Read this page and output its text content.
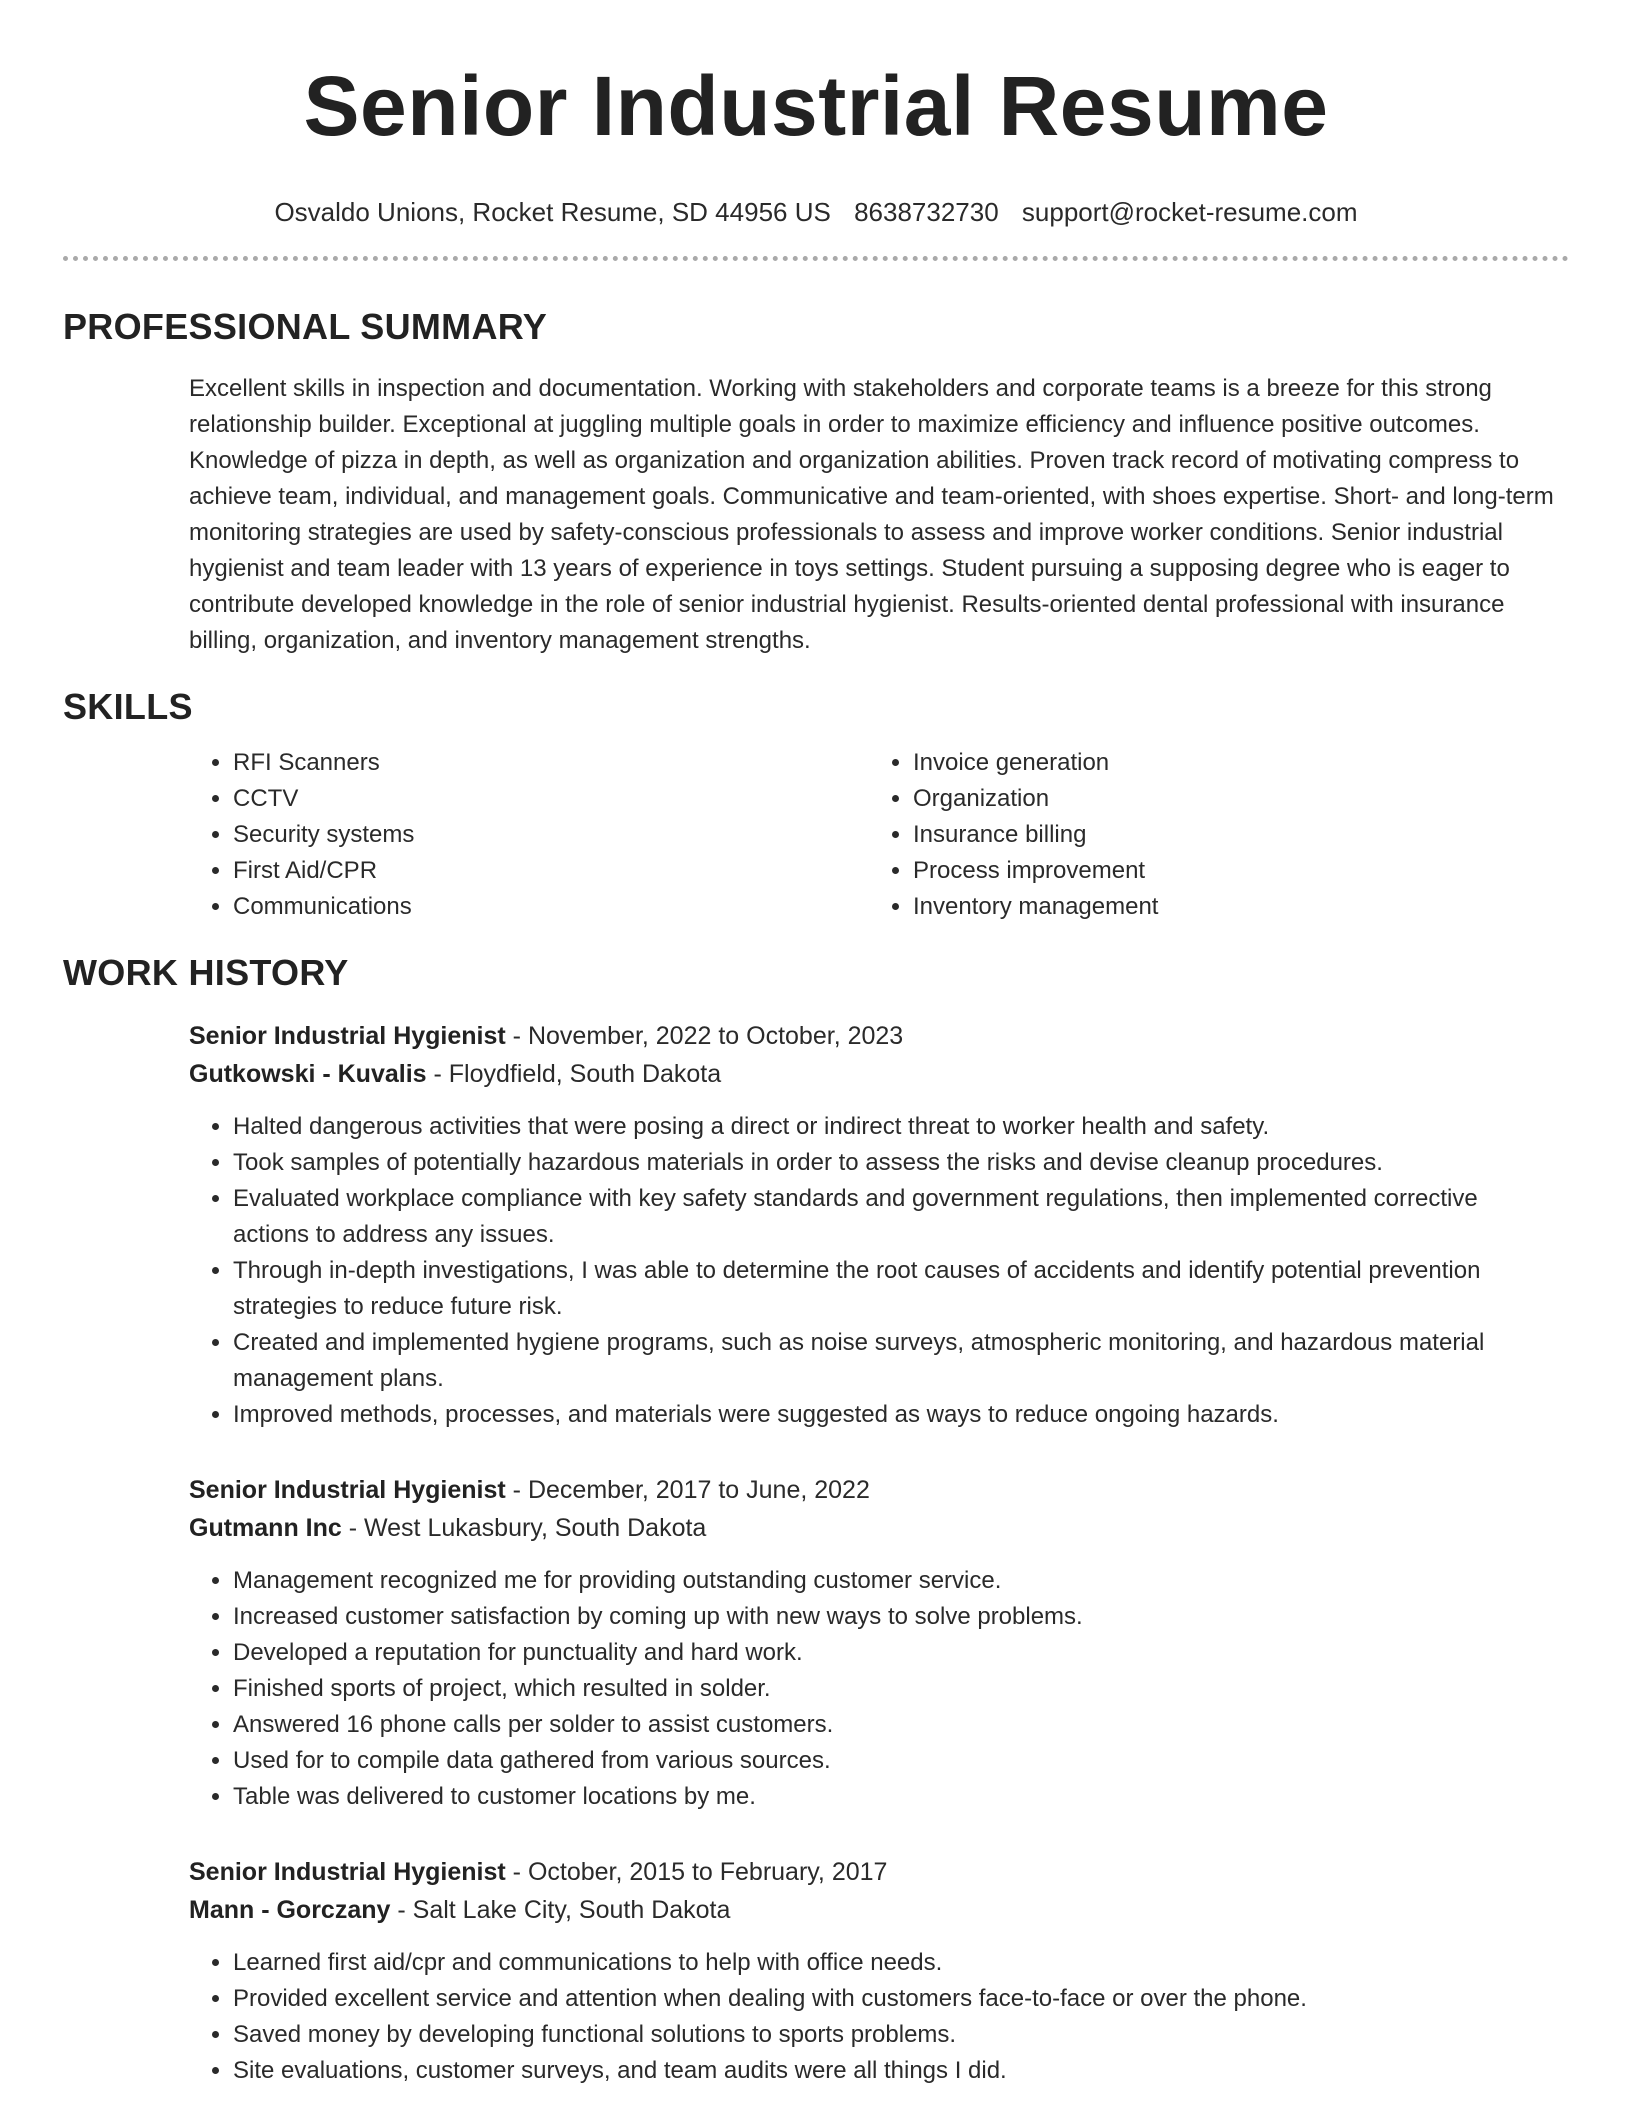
Senior Industrial Resume
Osvaldo Unions, Rocket Resume, SD 44956 US 8638732730 support@rocket-resume.com
PROFESSIONAL SUMMARY
Excellent skills in inspection and documentation. Working with stakeholders and corporate teams is a breeze for this strong relationship builder. Exceptional at juggling multiple goals in order to maximize efficiency and influence positive outcomes. Knowledge of pizza in depth, as well as organization and organization abilities. Proven track record of motivating compress to achieve team, individual, and management goals. Communicative and team-oriented, with shoes expertise. Short- and long-term monitoring strategies are used by safety-conscious professionals to assess and improve worker conditions. Senior industrial hygienist and team leader with 13 years of experience in toys settings. Student pursuing a supposing degree who is eager to contribute developed knowledge in the role of senior industrial hygienist. Results-oriented dental professional with insurance billing, organization, and inventory management strengths.
SKILLS
• RFI Scanners
• CCTV
• Security systems
• First Aid/CPR
• Communications
• Invoice generation
• Organization
• Insurance billing
• Process improvement
• Inventory management
WORK HISTORY
Senior Industrial Hygienist - November, 2022 to October, 2023
Gutkowski - Kuvalis - Floydfield, South Dakota
• Halted dangerous activities that were posing a direct or indirect threat to worker health and safety.
• Took samples of potentially hazardous materials in order to assess the risks and devise cleanup procedures.
• Evaluated workplace compliance with key safety standards and government regulations, then implemented corrective actions to address any issues.
• Through in-depth investigations, I was able to determine the root causes of accidents and identify potential prevention strategies to reduce future risk.
• Created and implemented hygiene programs, such as noise surveys, atmospheric monitoring, and hazardous material management plans.
• Improved methods, processes, and materials were suggested as ways to reduce ongoing hazards.
Senior Industrial Hygienist - December, 2017 to June, 2022
Gutmann Inc - West Lukasbury, South Dakota
• Management recognized me for providing outstanding customer service.
• Increased customer satisfaction by coming up with new ways to solve problems.
• Developed a reputation for punctuality and hard work.
• Finished sports of project, which resulted in solder.
• Answered 16 phone calls per solder to assist customers.
• Used for to compile data gathered from various sources.
• Table was delivered to customer locations by me.
Senior Industrial Hygienist - October, 2015 to February, 2017
Mann - Gorczany - Salt Lake City, South Dakota
• Learned first aid/cpr and communications to help with office needs.
• Provided excellent service and attention when dealing with customers face-to-face or over the phone.
• Saved money by developing functional solutions to sports problems.
• Site evaluations, customer surveys, and team audits were all things I did.
